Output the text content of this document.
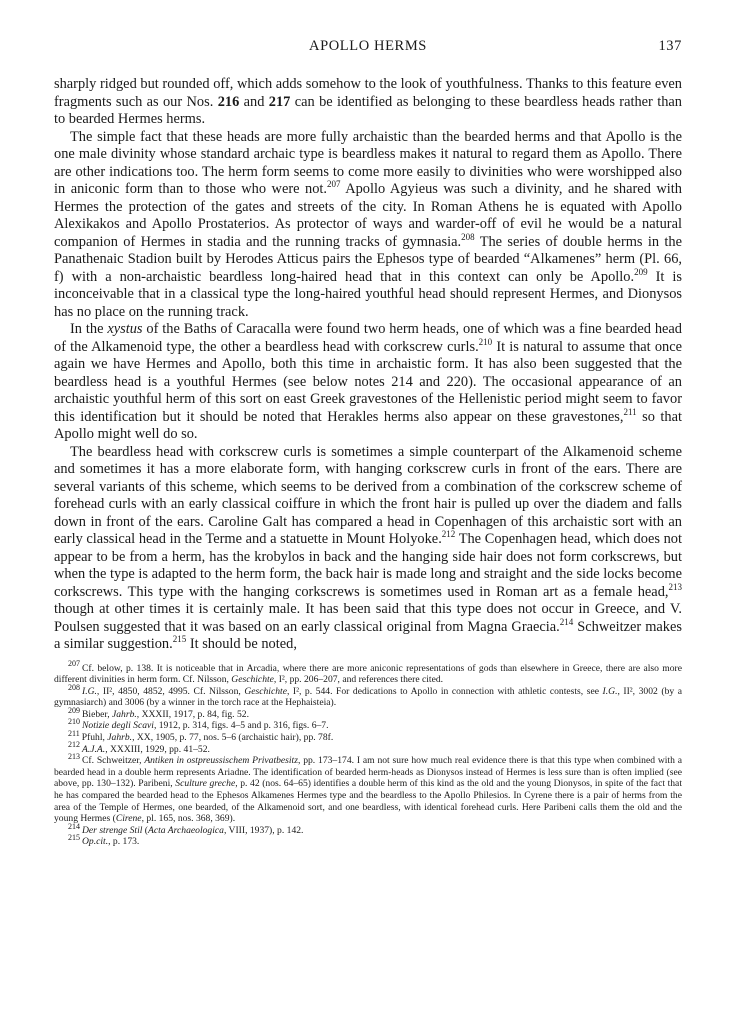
APOLLO HERMS	137

sharply ridged but rounded off, which adds somehow to the look of youthfulness. Thanks to this feature even fragments such as our Nos. 216 and 217 can be identified as belonging to these beardless heads rather than to bearded Hermes herms.

The simple fact that these heads are more fully archaistic than the bearded herms and that Apollo is the one male divinity whose standard archaic type is beardless makes it natural to regard them as Apollo. There are other indications too. The herm form seems to come more easily to divinities who were worshipped also in aniconic form than to those who were not.$^{207}$ Apollo Agyieus was such a divinity, and he shared with Hermes the protection of the gates and streets of the city. In Roman Athens he is equated with Apollo Alexikakos and Apollo Prostaterios. As protector of ways and warder-off of evil he would be a natural companion of Hermes in stadia and the running tracks of gymnasia.$^{208}$ The series of double herms in the Panathenaic Stadion built by Herodes Atticus pairs the Ephesos type of bearded “Alkamenes” herm (Pl. 66, f) with a non-archaistic beardless long-haired head that in this context can only be Apollo.$^{209}$ It is inconceivable that in a classical type the long-haired youthful head should represent Hermes, and Dionysos has no place on the running track.

In the xystus of the Baths of Caracalla were found two herm heads, one of which was a fine bearded head of the Alkamenoid type, the other a beardless head with corkscrew curls.$^{210}$ It is natural to assume that once again we have Hermes and Apollo, both this time in archaistic form. It has also been suggested that the beardless head is a youthful Hermes (see below notes 214 and 220). The occasional appearance of an archaistic youthful herm of this sort on east Greek gravestones of the Hellenistic period might seem to favor this identification but it should be noted that Herakles herms also appear on these gravestones,$^{211}$ so that Apollo might well do so.

The beardless head with corkscrew curls is sometimes a simple counterpart of the Alkamenoid scheme and sometimes it has a more elaborate form, with hanging corkscrew curls in front of the ears. There are several variants of this scheme, which seems to be derived from a combination of the corkscrew scheme of forehead curls with an early classical coiffure in which the front hair is pulled up over the diadem and falls down in front of the ears. Caroline Galt has compared a head in Copenhagen of this archaistic sort with an early classical head in the Terme and a statuette in Mount Holyoke.$^{212}$ The Copenhagen head, which does not appear to be from a herm, has the krobylos in back and the hanging side hair does not form corkscrews, but when the type is adapted to the herm form, the back hair is made long and straight and the side locks become corkscrews. This type with the hanging corkscrews is sometimes used in Roman art as a female head,$^{213}$ though at other times it is certainly male. It has been said that this type does not occur in Greece, and V. Poulsen suggested that it was based on an early classical original from Magna Graecia.$^{214}$ Schweitzer makes a similar suggestion.$^{215}$ It should be noted,

$^{207}$ Cf. below, p. 138. It is noticeable that in Arcadia, where there are more aniconic representations of gods than elsewhere in Greece, there are also more different divinities in herm form. Cf. Nilsson, Geschichte, I², pp. 206–207, and references there cited.

$^{208}$ I.G., II², 4850, 4852, 4995. Cf. Nilsson, Geschichte, I², p. 544. For dedications to Apollo in connection with athletic contests, see I.G., II², 3002 (by a gymnasiarch) and 3006 (by a winner in the torch race at the Hephaisteia).

$^{209}$ Bieber, Jahrb., XXXII, 1917, p. 84, fig. 52.

$^{210}$ Notizie degli Scavi, 1912, p. 314, figs. 4–5 and p. 316, figs. 6–7.

$^{211}$ Pfuhl, Jahrb., XX, 1905, p. 77, nos. 5–6 (archaistic hair), pp. 78f.

$^{212}$ A.J.A., XXXIII, 1929, pp. 41–52.

$^{213}$ Cf. Schweitzer, Antiken in ostpreussischem Privatbesitz, pp. 173–174. I am not sure how much real evidence there is that this type when combined with a bearded head in a double herm represents Ariadne. The identification of bearded herm-heads as Dionysos instead of Hermes is less sure than is often implied (see above, pp. 130–132). Paribeni, Sculture greche, p. 42 (nos. 64–65) identifies a double herm of this kind as the old and the young Dionysos, in spite of the fact that he has compared the bearded head to the Ephesos Alkamenes Hermes type and the beardless to the Apollo Philesios. In Cyrene there is a pair of herms from the area of the Temple of Hermes, one bearded, of the Alkamenoid sort, and one beardless, with identical forehead curls. Here Paribeni calls them the old and the young Hermes (Cirene, pl. 165, nos. 368, 369).

$^{214}$ Der strenge Stil (Acta Archaeologica, VIII, 1937), p. 142.

$^{215}$ Op.cit., p. 173.
